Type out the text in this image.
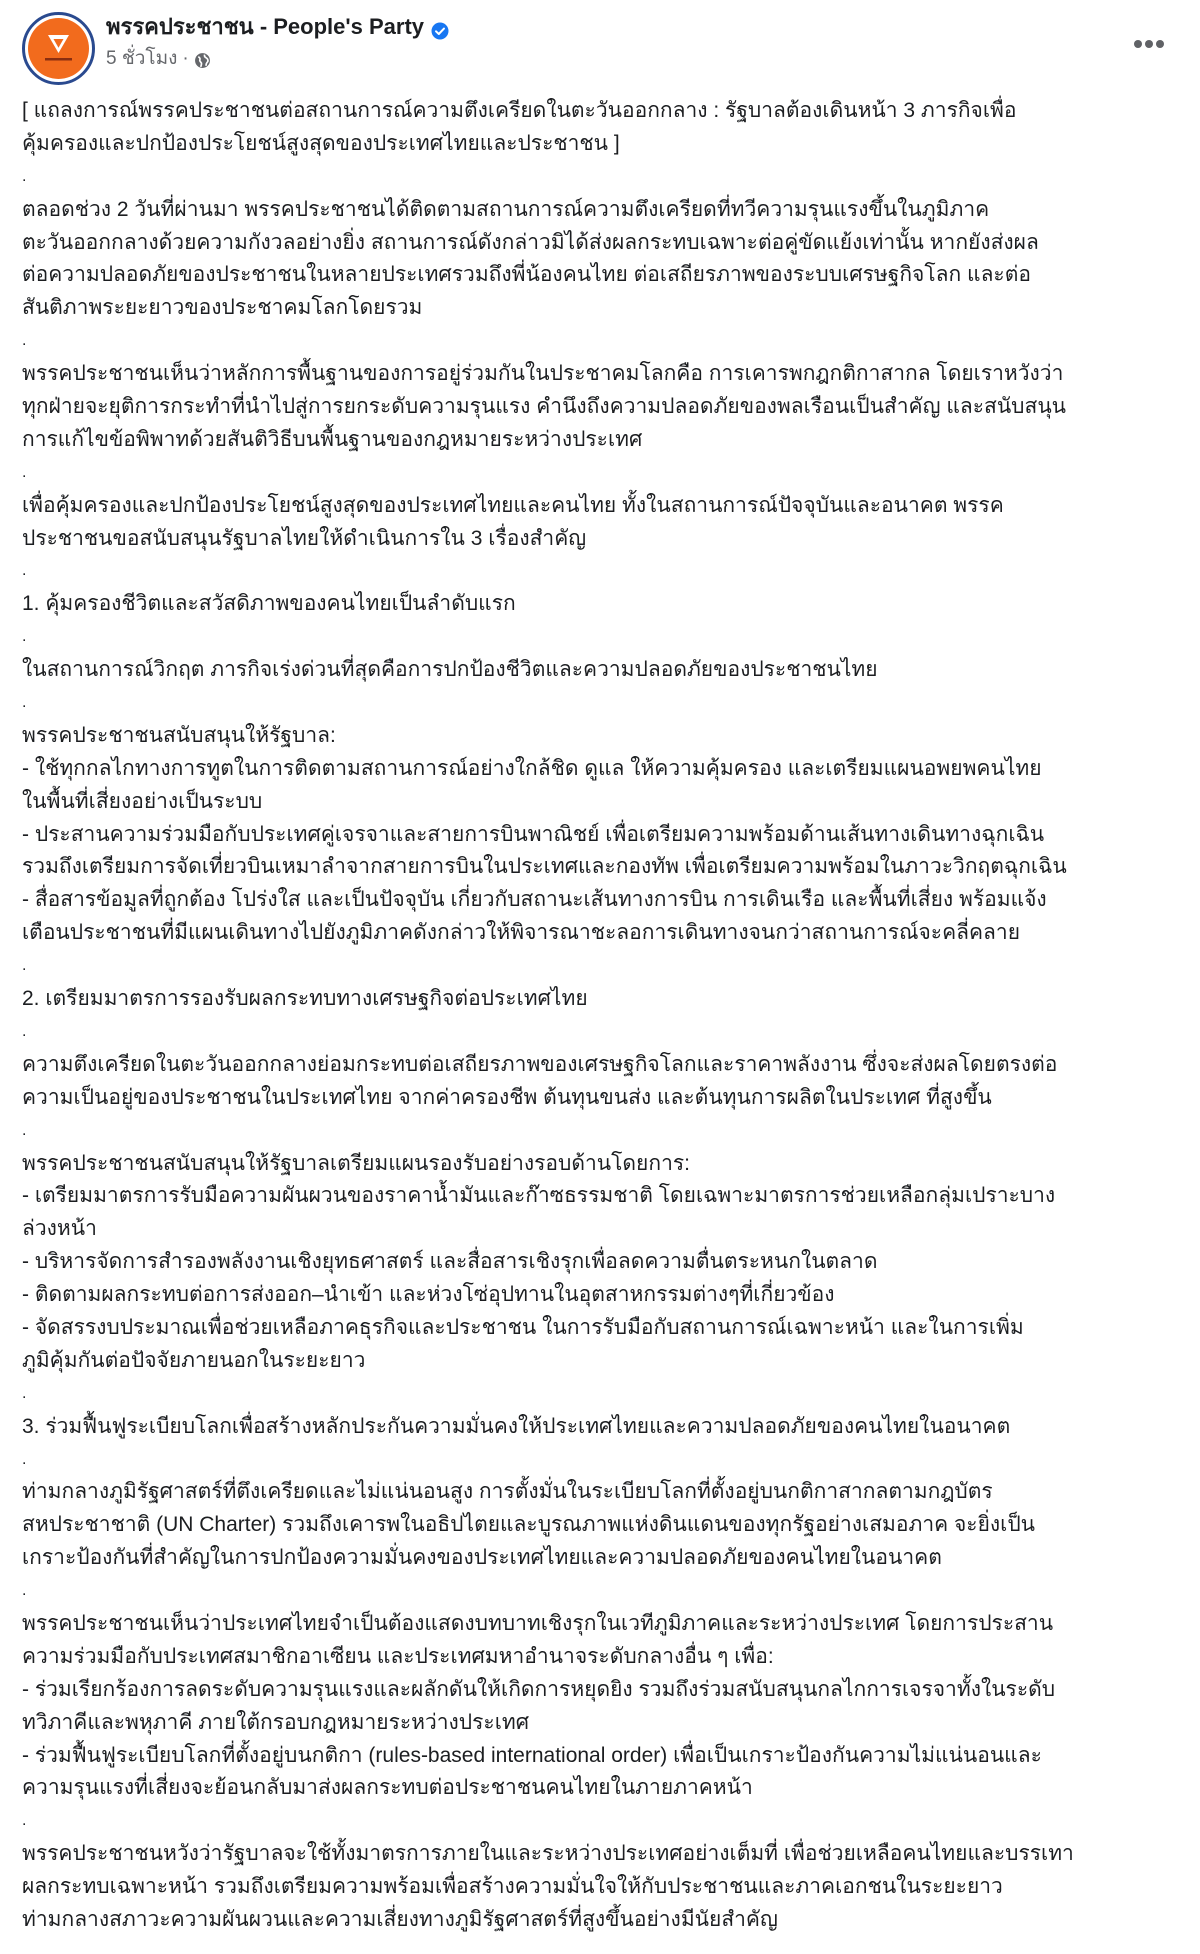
พรรคประชาชน - People's Party
5 ชั่วโมง ·
[ แถลงการณ์พรรคประชาชนต่อสถานการณ์ความตึงเครียดในตะวันออกกลาง : รัฐบาลต้องเดินหน้า 3 ภารกิจเพื่อ
คุ้มครองและปกป้องประโยชน์สูงสุดของประเทศไทยและประชาชน ]
.
ตลอดช่วง 2 วันที่ผ่านมา พรรคประชาชนได้ติดตามสถานการณ์ความตึงเครียดที่ทวีความรุนแรงขึ้นในภูมิภาค
ตะวันออกกลางด้วยความกังวลอย่างยิ่ง สถานการณ์ดังกล่าวมิได้ส่งผลกระทบเฉพาะต่อคู่ขัดแย้งเท่านั้น หากยังส่งผล
ต่อความปลอดภัยของประชาชนในหลายประเทศรวมถึงพี่น้องคนไทย ต่อเสถียรภาพของระบบเศรษฐกิจโลก และต่อ
สันติภาพระยะยาวของประชาคมโลกโดยรวม
.
พรรคประชาชนเห็นว่าหลักการพื้นฐานของการอยู่ร่วมกันในประชาคมโลกคือ การเคารพกฎกติกาสากล โดยเราหวังว่า
ทุกฝ่ายจะยุติการกระทำที่นำไปสู่การยกระดับความรุนแรง คำนึงถึงความปลอดภัยของพลเรือนเป็นสำคัญ และสนับสนุน
การแก้ไขข้อพิพาทด้วยสันติวิธีบนพื้นฐานของกฎหมายระหว่างประเทศ
.
เพื่อคุ้มครองและปกป้องประโยชน์สูงสุดของประเทศไทยและคนไทย ทั้งในสถานการณ์ปัจจุบันและอนาคต พรรค
ประชาชนขอสนับสนุนรัฐบาลไทยให้ดำเนินการใน 3 เรื่องสำคัญ
.
1. คุ้มครองชีวิตและสวัสดิภาพของคนไทยเป็นลำดับแรก
.
ในสถานการณ์วิกฤต ภารกิจเร่งด่วนที่สุดคือการปกป้องชีวิตและความปลอดภัยของประชาชนไทย
.
พรรคประชาชนสนับสนุนให้รัฐบาล:
- ใช้ทุกกลไกทางการทูตในการติดตามสถานการณ์อย่างใกล้ชิด ดูแล ให้ความคุ้มครอง และเตรียมแผนอพยพคนไทย
ในพื้นที่เสี่ยงอย่างเป็นระบบ
- ประสานความร่วมมือกับประเทศคู่เจรจาและสายการบินพาณิชย์ เพื่อเตรียมความพร้อมด้านเส้นทางเดินทางฉุกเฉิน
รวมถึงเตรียมการจัดเที่ยวบินเหมาลำจากสายการบินในประเทศและกองทัพ เพื่อเตรียมความพร้อมในภาวะวิกฤตฉุกเฉิน
- สื่อสารข้อมูลที่ถูกต้อง โปร่งใส และเป็นปัจจุบัน เกี่ยวกับสถานะเส้นทางการบิน การเดินเรือ และพื้นที่เสี่ยง พร้อมแจ้ง
เตือนประชาชนที่มีแผนเดินทางไปยังภูมิภาคดังกล่าวให้พิจารณาชะลอการเดินทางจนกว่าสถานการณ์จะคลี่คลาย
.
2. เตรียมมาตรการรองรับผลกระทบทางเศรษฐกิจต่อประเทศไทย
.
ความตึงเครียดในตะวันออกกลางย่อมกระทบต่อเสถียรภาพของเศรษฐกิจโลกและราคาพลังงาน ซึ่งจะส่งผลโดยตรงต่อ
ความเป็นอยู่ของประชาชนในประเทศไทย จากค่าครองชีพ ต้นทุนขนส่ง และต้นทุนการผลิตในประเทศ ที่สูงขึ้น
.
พรรคประชาชนสนับสนุนให้รัฐบาลเตรียมแผนรองรับอย่างรอบด้านโดยการ:
- เตรียมมาตรการรับมือความผันผวนของราคาน้ำมันและก๊าซธรรมชาติ โดยเฉพาะมาตรการช่วยเหลือกลุ่มเปราะบาง
ล่วงหน้า
- บริหารจัดการสำรองพลังงานเชิงยุทธศาสตร์ และสื่อสารเชิงรุกเพื่อลดความตื่นตระหนกในตลาด
- ติดตามผลกระทบต่อการส่งออก–นำเข้า และห่วงโซ่อุปทานในอุตสาหกรรมต่างๆที่เกี่ยวข้อง
- จัดสรรงบประมาณเพื่อช่วยเหลือภาคธุรกิจและประชาชน ในการรับมือกับสถานการณ์เฉพาะหน้า และในการเพิ่ม
ภูมิคุ้มกันต่อปัจจัยภายนอกในระยะยาว
.
3. ร่วมฟื้นฟูระเบียบโลกเพื่อสร้างหลักประกันความมั่นคงให้ประเทศไทยและความปลอดภัยของคนไทยในอนาคต
.
ท่ามกลางภูมิรัฐศาสตร์ที่ตึงเครียดและไม่แน่นอนสูง การตั้งมั่นในระเบียบโลกที่ตั้งอยู่บนกติกาสากลตามกฎบัตร
สหประชาชาติ (UN Charter) รวมถึงเคารพในอธิปไตยและบูรณภาพแห่งดินแดนของทุกรัฐอย่างเสมอภาค จะยิ่งเป็น
เกราะป้องกันที่สำคัญในการปกป้องความมั่นคงของประเทศไทยและความปลอดภัยของคนไทยในอนาคต
.
พรรคประชาชนเห็นว่าประเทศไทยจำเป็นต้องแสดงบทบาทเชิงรุกในเวทีภูมิภาคและระหว่างประเทศ โดยการประสาน
ความร่วมมือกับประเทศสมาชิกอาเซียน และประเทศมหาอำนาจระดับกลางอื่น ๆ เพื่อ:
- ร่วมเรียกร้องการลดระดับความรุนแรงและผลักดันให้เกิดการหยุดยิง รวมถึงร่วมสนับสนุนกลไกการเจรจาทั้งในระดับ
ทวิภาคีและพหุภาคี ภายใต้กรอบกฎหมายระหว่างประเทศ
- ร่วมฟื้นฟูระเบียบโลกที่ตั้งอยู่บนกติกา (rules-based international order) เพื่อเป็นเกราะป้องกันความไม่แน่นอนและ
ความรุนแรงที่เสี่ยงจะย้อนกลับมาส่งผลกระทบต่อประชาชนคนไทยในภายภาคหน้า
.
พรรคประชาชนหวังว่ารัฐบาลจะใช้ทั้งมาตรการภายในและระหว่างประเทศอย่างเต็มที่ เพื่อช่วยเหลือคนไทยและบรรเทา
ผลกระทบเฉพาะหน้า รวมถึงเตรียมความพร้อมเพื่อสร้างความมั่นใจให้กับประชาชนและภาคเอกชนในระยะยาว
ท่ามกลางสภาวะความผันผวนและความเสี่ยงทางภูมิรัฐศาสตร์ที่สูงขึ้นอย่างมีนัยสำคัญ
